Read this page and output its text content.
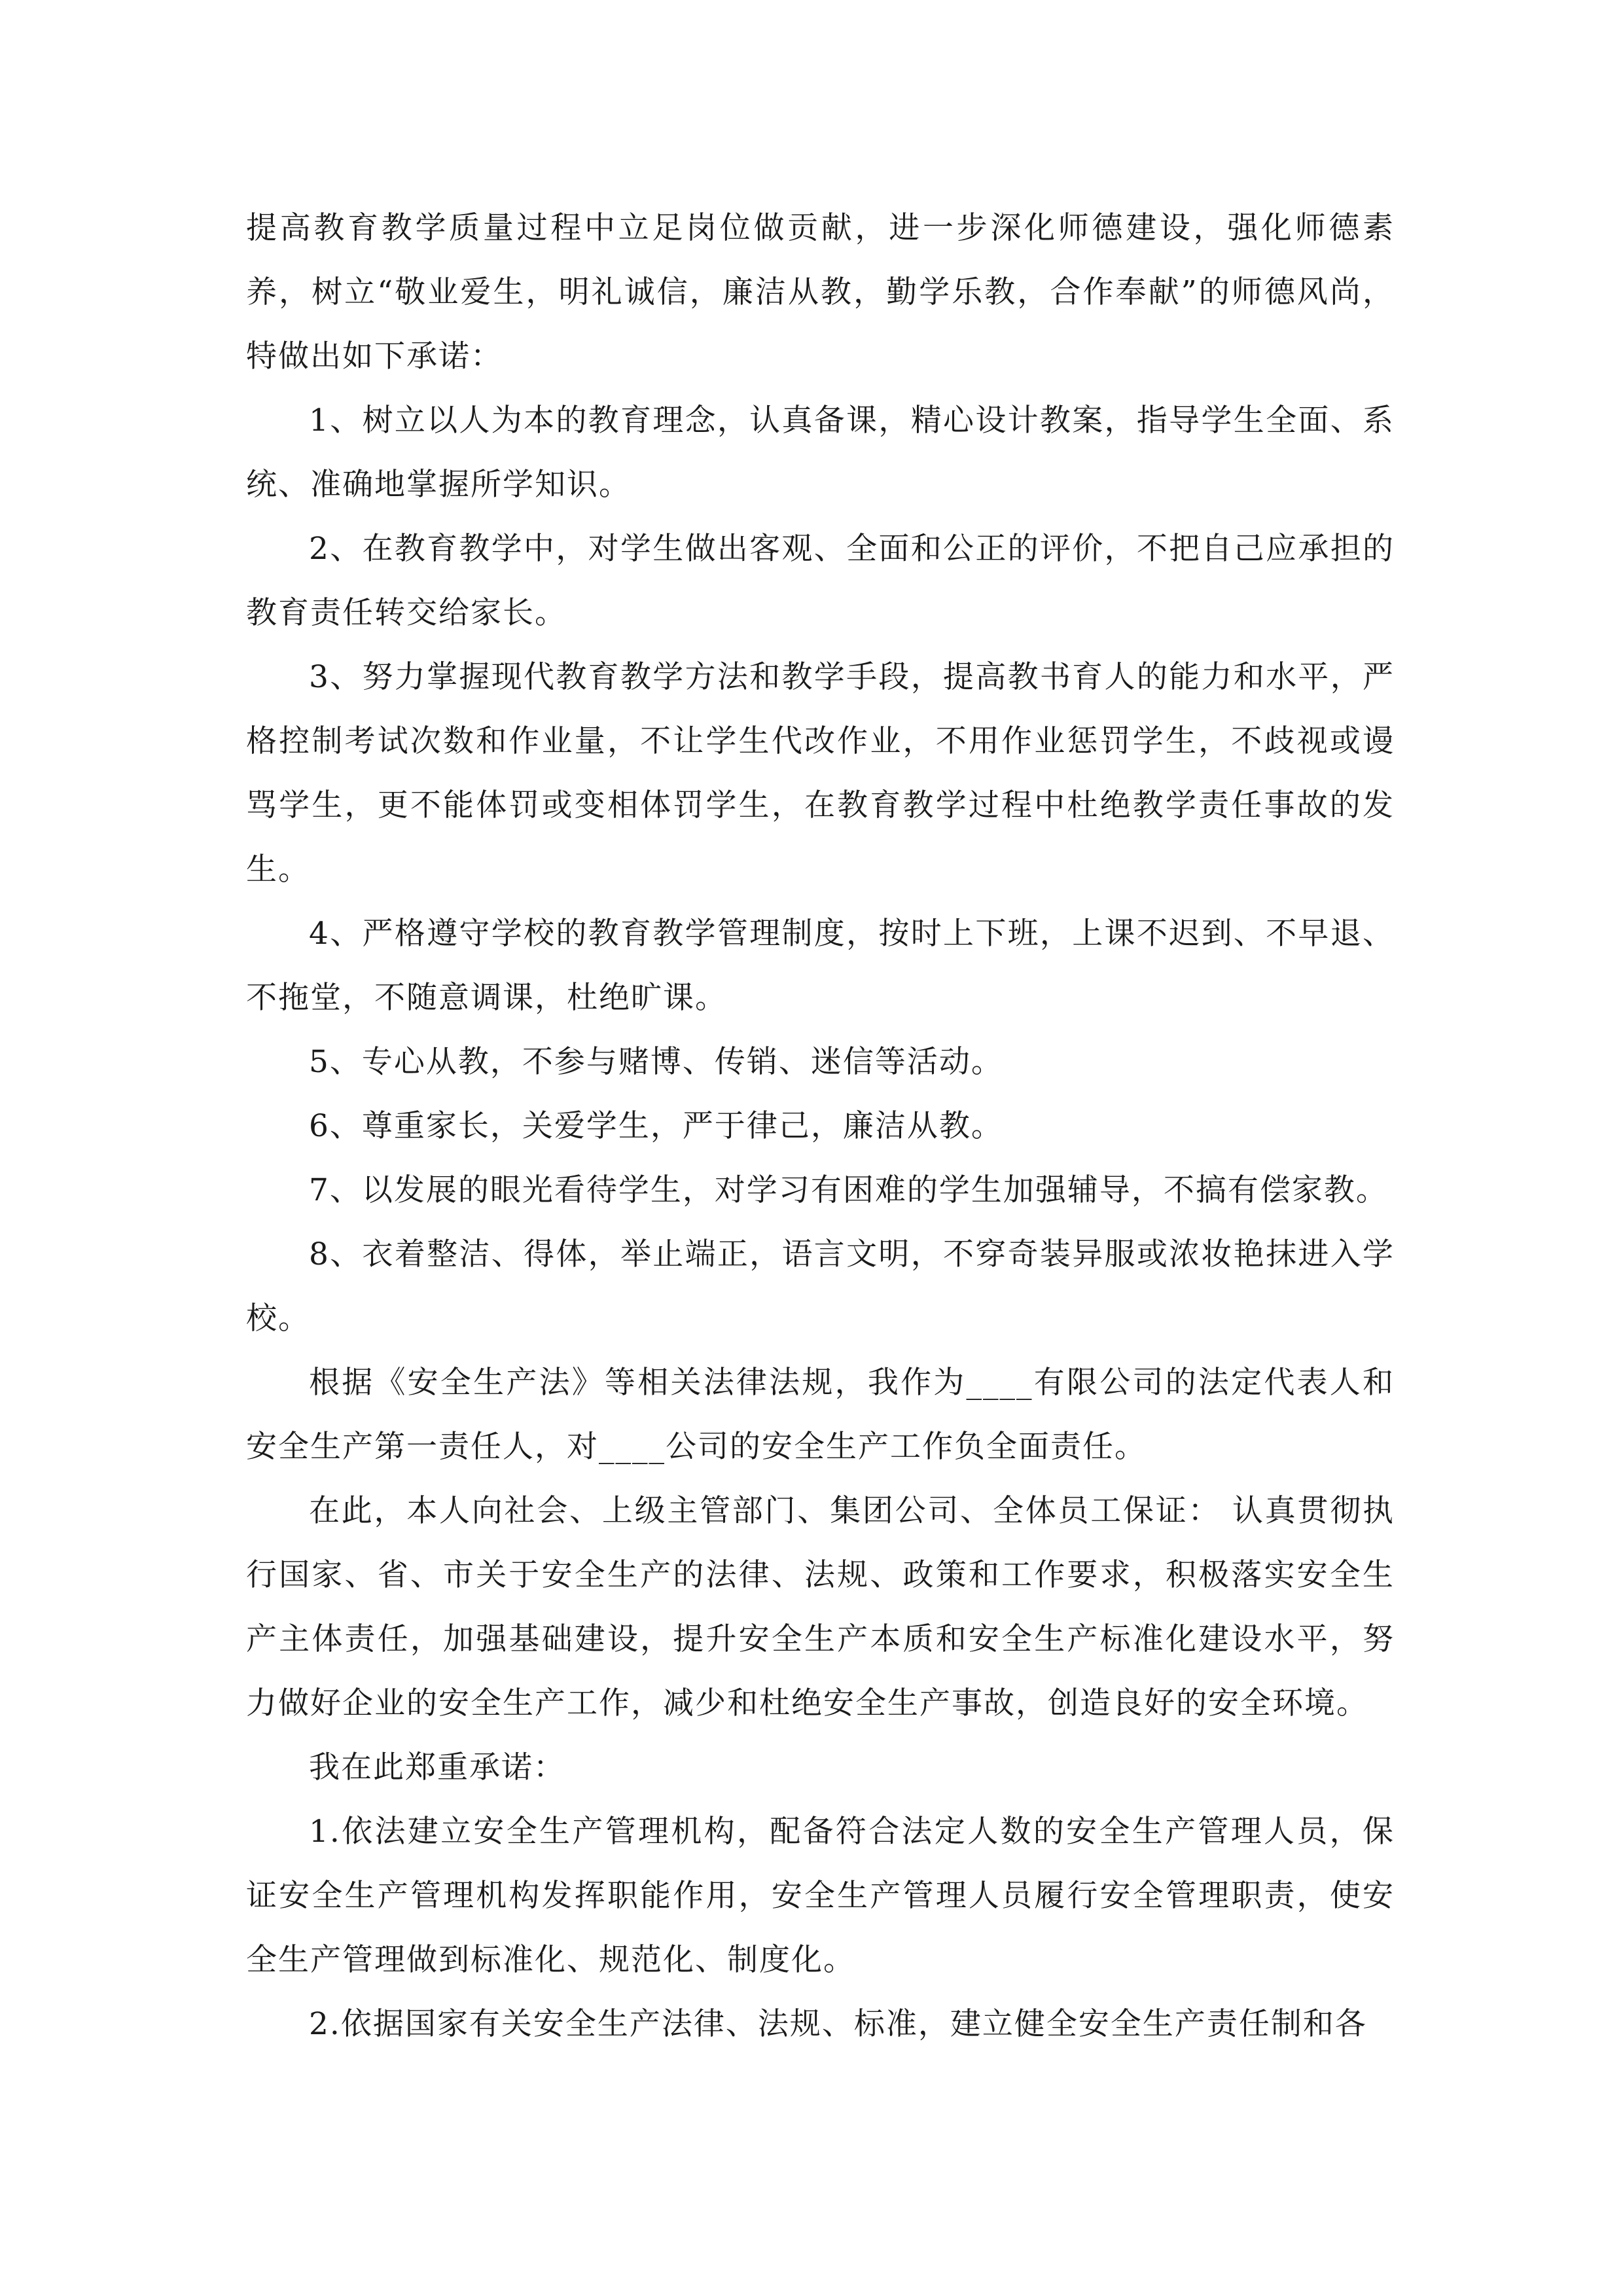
提高教育教学质量过程中立足岗位做贡献，进一步深化师德建设，强化师德素养，树立“敬业爱生，明礼诚信，廉洁从教，勤学乐教，合作奉献”的师德风尚，特做出如下承诺：

1、树立以人为本的教育理念，认真备课，精心设计教案，指导学生全面、系统、准确地掌握所学知识。

2、在教育教学中，对学生做出客观、全面和公正的评价，不把自己应承担的教育责任转交给家长。

3、努力掌握现代教育教学方法和教学手段，提高教书育人的能力和水平，严格控制考试次数和作业量，不让学生代改作业，不用作业惩罚学生，不歧视或谩骂学生，更不能体罚或变相体罚学生，在教育教学过程中杜绝教学责任事故的发生。

4、严格遵守学校的教育教学管理制度，按时上下班，上课不迟到、不早退、不拖堂，不随意调课，杜绝旷课。

5、专心从教，不参与赌博、传销、迷信等活动。

6、尊重家长，关爱学生，严于律己，廉洁从教。

7、以发展的眼光看待学生，对学习有困难的学生加强辅导，不搞有偿家教。

8、衣着整洁、得体，举止端正，语言文明，不穿奇装异服或浓妆艳抹进入学校。

根据《安全生产法》等相关法律法规，我作为____有限公司的法定代表人和安全生产第一责任人，对____公司的安全生产工作负全面责任。

在此，本人向社会、上级主管部门、集团公司、全体员工保证： 认真贯彻执行国家、省、市关于安全生产的法律、法规、政策和工作要求，积极落实安全生产主体责任，加强基础建设，提升安全生产本质和安全生产标准化建设水平，努力做好企业的安全生产工作，减少和杜绝安全生产事故，创造良好的安全环境。

我在此郑重承诺：

1.依法建立安全生产管理机构，配备符合法定人数的安全生产管理人员，保证安全生产管理机构发挥职能作用，安全生产管理人员履行安全管理职责，使安全生产管理做到标准化、规范化、制度化。

2.依据国家有关安全生产法律、法规、标准，建立健全安全生产责任制和各
